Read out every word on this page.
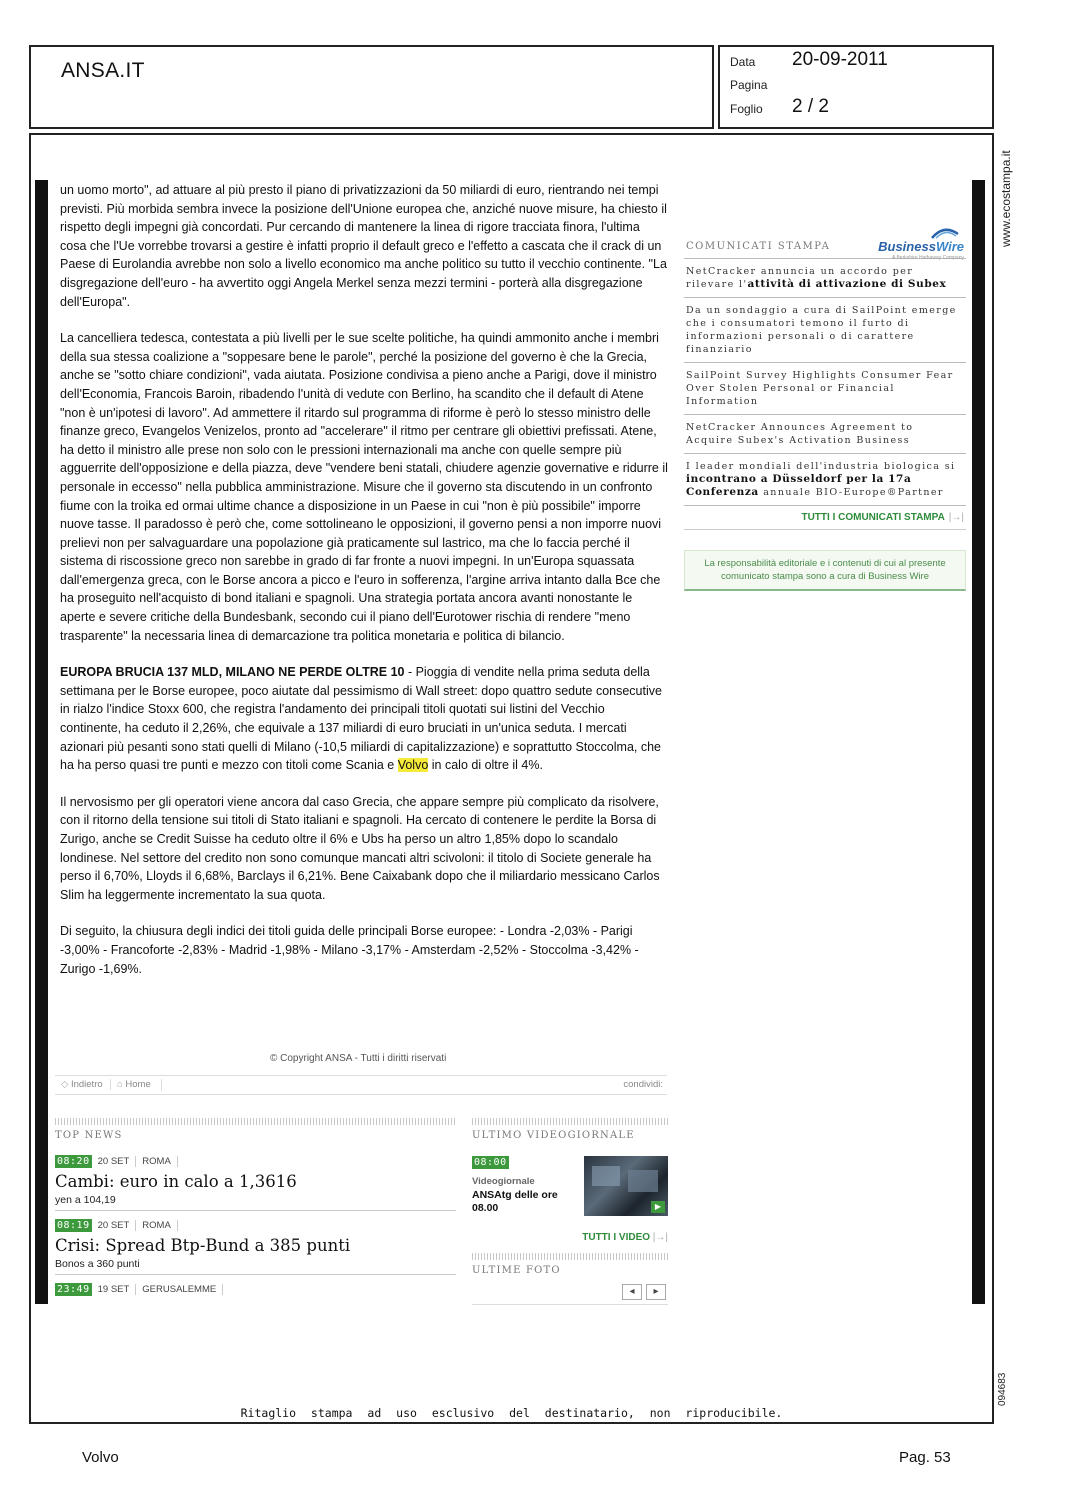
ANSA.IT	Data 20-09-2011
Pagina
Foglio 2 / 2
www.ecostampa.it
094683

un uomo morto", ad attuare al più presto il piano di privatizzazioni da 50 miliardi di euro, rientrando nei tempi previsti. Più morbida sembra invece la posizione dell'Unione europea che, anziché nuove misure, ha chiesto il rispetto degli impegni già concordati. Pur cercando di mantenere la linea di rigore tracciata finora, l'ultima cosa che l'Ue vorrebbe trovarsi a gestire è infatti proprio il default greco e l'effetto a cascata che il crack di un Paese di Eurolandia avrebbe non solo a livello economico ma anche politico su tutto il vecchio continente. "La disgregazione dell'euro - ha avvertito oggi Angela Merkel senza mezzi termini - porterà alla disgregazione dell'Europa".

La cancelliera tedesca, contestata a più livelli per le sue scelte politiche, ha quindi ammonito anche i membri della sua stessa coalizione a "soppesare bene le parole", perché la posizione del governo è che la Grecia, anche se "sotto chiare condizioni", vada aiutata. Posizione condivisa a pieno anche a Parigi, dove il ministro dell'Economia, Francois Baroin, ribadendo l'unità di vedute con Berlino, ha scandito che il default di Atene "non è un'ipotesi di lavoro". Ad ammettere il ritardo sul programma di riforme è però lo stesso ministro delle finanze greco, Evangelos Venizelos, pronto ad "accelerare" il ritmo per centrare gli obiettivi prefissati. Atene, ha detto il ministro alle prese non solo con le pressioni internazionali ma anche con quelle sempre più agguerrite dell'opposizione e della piazza, deve "vendere beni statali, chiudere agenzie governative e ridurre il personale in eccesso" nella pubblica amministrazione. Misure che il governo sta discutendo in un confronto fiume con la troika ed ormai ultime chance a disposizione in un Paese in cui "non è più possibile" imporre nuove tasse. Il paradosso è però che, come sottolineano le opposizioni, il governo pensi a non imporre nuovi prelievi non per salvaguardare una popolazione già praticamente sul lastrico, ma che lo faccia perché il sistema di riscossione greco non sarebbe in grado di far fronte a nuovi impegni. In un'Europa squassata dall'emergenza greca, con le Borse ancora a picco e l'euro in sofferenza, l'argine arriva intanto dalla Bce che ha proseguito nell'acquisto di bond italiani e spagnoli. Una strategia portata ancora avanti nonostante le aperte e severe critiche della Bundesbank, secondo cui il piano dell'Eurotower rischia di rendere "meno trasparente" la necessaria linea di demarcazione tra politica monetaria e politica di bilancio.

EUROPA BRUCIA 137 MLD, MILANO NE PERDE OLTRE 10 - Pioggia di vendite nella prima seduta della settimana per le Borse europee, poco aiutate dal pessimismo di Wall street: dopo quattro sedute consecutive in rialzo l'indice Stoxx 600, che registra l'andamento dei principali titoli quotati sui listini del Vecchio continente, ha ceduto il 2,26%, che equivale a 137 miliardi di euro bruciati in un'unica seduta. I mercati azionari più pesanti sono stati quelli di Milano (-10,5 miliardi di capitalizzazione) e soprattutto Stoccolma, che ha ha perso quasi tre punti e mezzo con titoli come Scania e Volvo in calo di oltre il 4%.

Il nervosismo per gli operatori viene ancora dal caso Grecia, che appare sempre più complicato da risolvere, con il ritorno della tensione sui titoli di Stato italiani e spagnoli. Ha cercato di contenere le perdite la Borsa di Zurigo, anche se Credit Suisse ha ceduto oltre il 6% e Ubs ha perso un altro 1,85% dopo lo scandalo londinese. Nel settore del credito non sono comunque mancati altri scivoloni: il titolo di Societe generale ha perso il 6,70%, Lloyds il 6,68%, Barclays il 6,21%. Bene Caixabank dopo che il miliardario messicano Carlos Slim ha leggermente incrementato la sua quota.

Di seguito, la chiusura degli indici dei titoli guida delle principali Borse europee: - Londra -2,03% - Parigi -3,00% - Francoforte -2,83% - Madrid -1,98% - Milano -3,17% - Amsterdam -2,52% - Stoccolma -3,42% - Zurigo -1,69%.

COMUNICATI STAMPA	BusinessWire
A Berkshire Hathaway Company
NetCracker annuncia un accordo per rilevare l'attività di attivazione di Subex
Da un sondaggio a cura di SailPoint emerge che i consumatori temono il furto di informazioni personali o di carattere finanziario
SailPoint Survey Highlights Consumer Fear Over Stolen Personal or Financial Information
NetCracker Announces Agreement to Acquire Subex's Activation Business
I leader mondiali dell'industria biologica si incontrano a Düsseldorf per la 17a Conferenza annuale BIO-Europe®Partner
TUTTI I COMUNICATI STAMPA |→|
La responsabilità editoriale e i contenuti di cui al presente comunicato stampa sono a cura di Business Wire
© Copyright ANSA - Tutti i diritti riservati
◇ Indietro	⌂ Home	condividi:
TOP NEWS
08:20 20 SET	ROMA
Cambi: euro in calo a 1,3616
yen a 104,19
08:19 20 SET	ROMA
Crisi: Spread Btp-Bund a 385 punti
Bonos a 360 punti
23:49 19 SET	GERUSALEMME
ULTIMO VIDEOGIORNALE
08:00
Videogiornale
ANSAtg delle ore 08.00	▶
TUTTI I VIDEO |→|
ULTIME FOTO
◂	▸
Ritaglio stampa ad uso esclusivo del destinatario, non riproducibile.
Volvo	Pag. 53
